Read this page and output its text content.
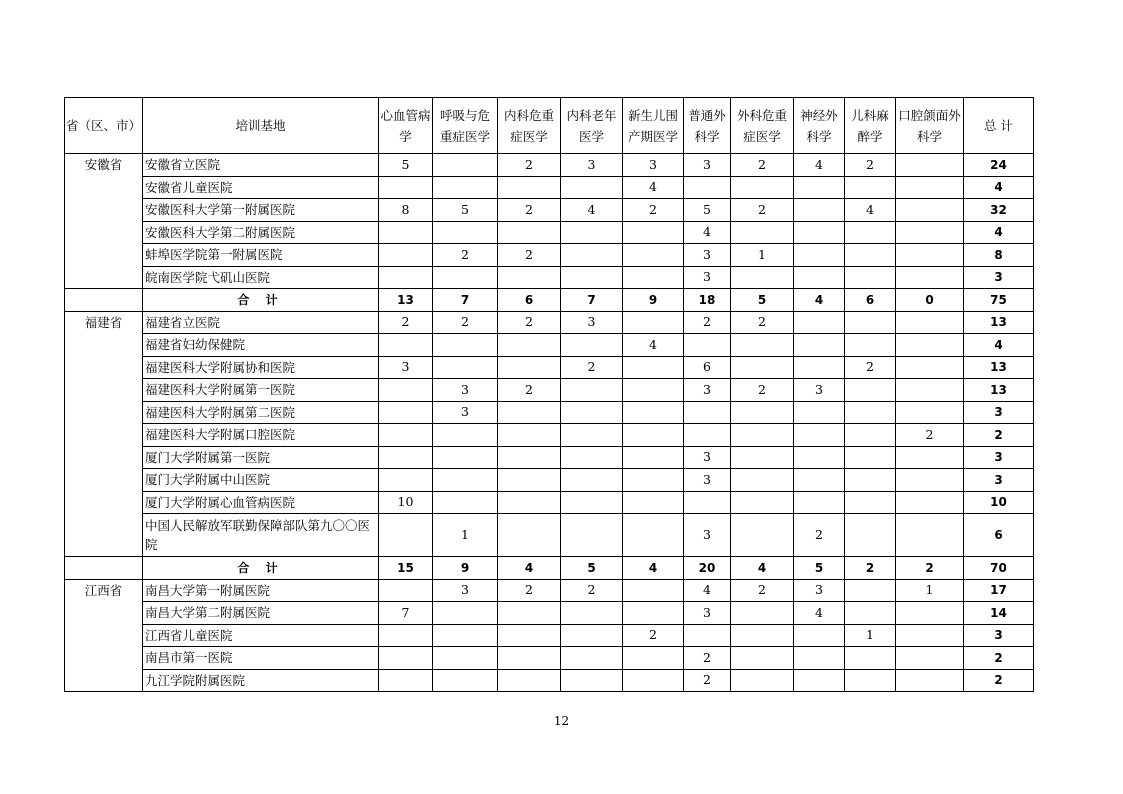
省（区、市）	培训基地	心血管病学	呼吸与危重症医学	内科危重症医学	内科老年医学	新生儿围产期医学	普通外科学	外科危重症医学	神经外科学	儿科麻醉学	口腔颌面外科学	总 计
安徽省	安徽省立医院	5		2	3	3	3	2	4	2		24
	安徽省儿童医院					4						4
	安徽医科大学第一附属医院	8	5	2	4	2	5	2		4		32
	安徽医科大学第二附属医院						4					4
	蚌埠医学院第一附属医院		2	2			3	1				8
	皖南医学院弋矶山医院						3					3
	合 计	13	7	6	7	9	18	5	4	6	0	75
福建省	福建省立医院	2	2	2	3		2	2				13
	福建省妇幼保健院					4						4
	福建医科大学附属协和医院	3			2		6			2		13
	福建医科大学附属第一医院		3	2			3	2	3			13
	福建医科大学附属第二医院		3									3
	福建医科大学附属口腔医院										2	2
	厦门大学附属第一医院						3					3
	厦门大学附属中山医院						3					3
	厦门大学附属心血管病医院	10										10
	中国人民解放军联勤保障部队第九〇〇医院		1				3		2			6
	合 计	15	9	4	5	4	20	4	5	2	2	70
江西省	南昌大学第一附属医院		3	2	2		4	2	3		1	17
	南昌大学第二附属医院	7					3		4			14
	江西省儿童医院					2				1		3
	南昌市第一医院						2					2
	九江学院附属医院						2					2
12
